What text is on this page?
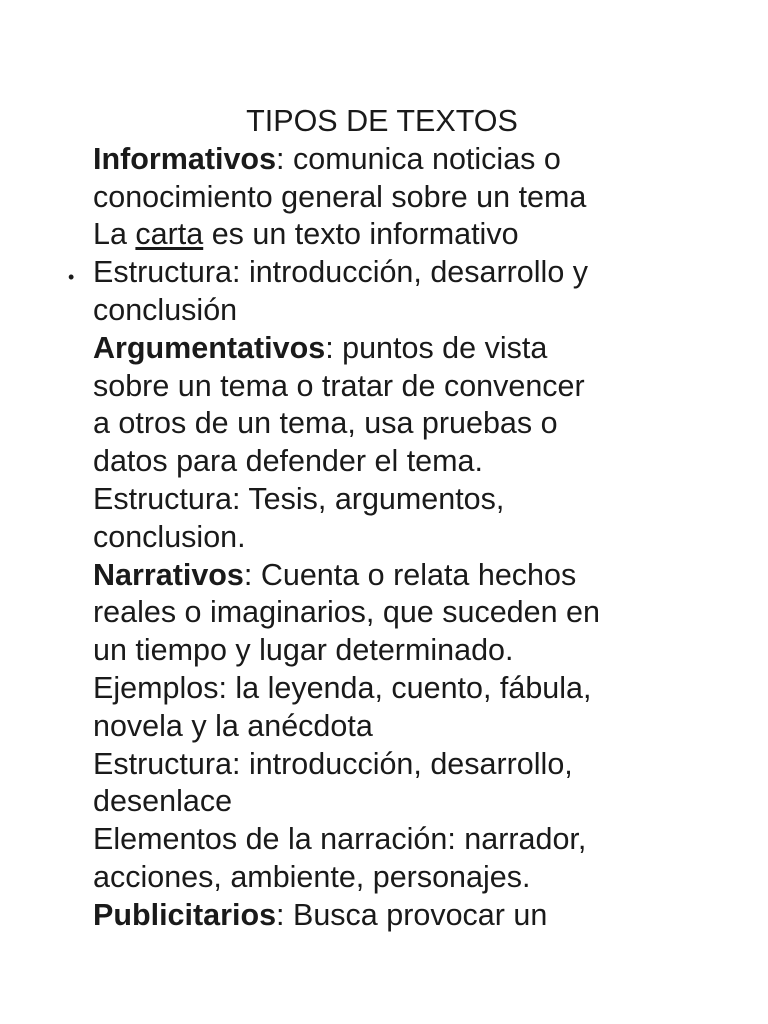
•
TIPOS DE TEXTOS
Informativos: comunica noticias o
conocimiento general sobre un tema
La carta es un texto informativo
Estructura: introducción, desarrollo y
conclusión
Argumentativos: puntos de vista
sobre un tema o tratar de convencer
a otros de un tema, usa pruebas o
datos para defender el tema.
Estructura: Tesis, argumentos,
conclusion.
Narrativos: Cuenta o relata hechos
reales o imaginarios, que suceden en
un tiempo y lugar determinado.
Ejemplos: la leyenda, cuento, fábula,
novela y la anécdota
Estructura: introducción, desarrollo,
desenlace
Elementos de la narración: narrador,
acciones, ambiente, personajes.
Publicitarios: Busca provocar un
